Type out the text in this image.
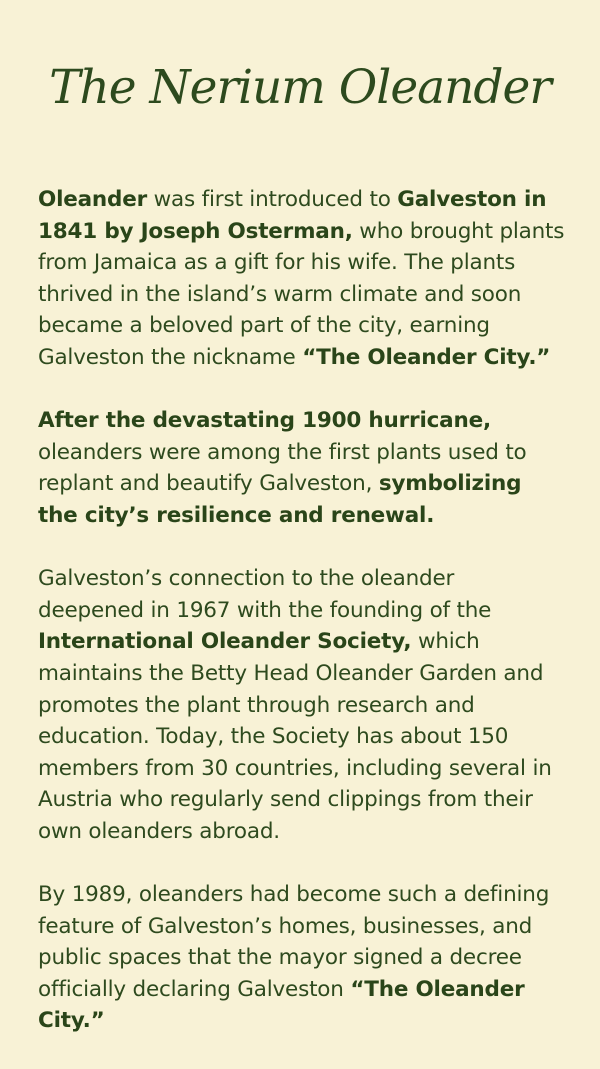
The Nerium Oleander

Oleander was first introduced to Galveston in 1841 by Joseph Osterman, who brought plants from Jamaica as a gift for his wife. The plants thrived in the island’s warm climate and soon became a beloved part of the city, earning Galveston the nickname “The Oleander City.”

After the devastating 1900 hurricane, oleanders were among the first plants used to replant and beautify Galveston, symbolizing the city’s resilience and renewal.

Galveston’s connection to the oleander deepened in 1967 with the founding of the International Oleander Society, which maintains the Betty Head Oleander Garden and promotes the plant through research and education. Today, the Society has about 150 members from 30 countries, including several in Austria who regularly send clippings from their own oleanders abroad.

By 1989, oleanders had become such a defining feature of Galveston’s homes, businesses, and public spaces that the mayor signed a decree officially declaring Galveston “The Oleander City.”
